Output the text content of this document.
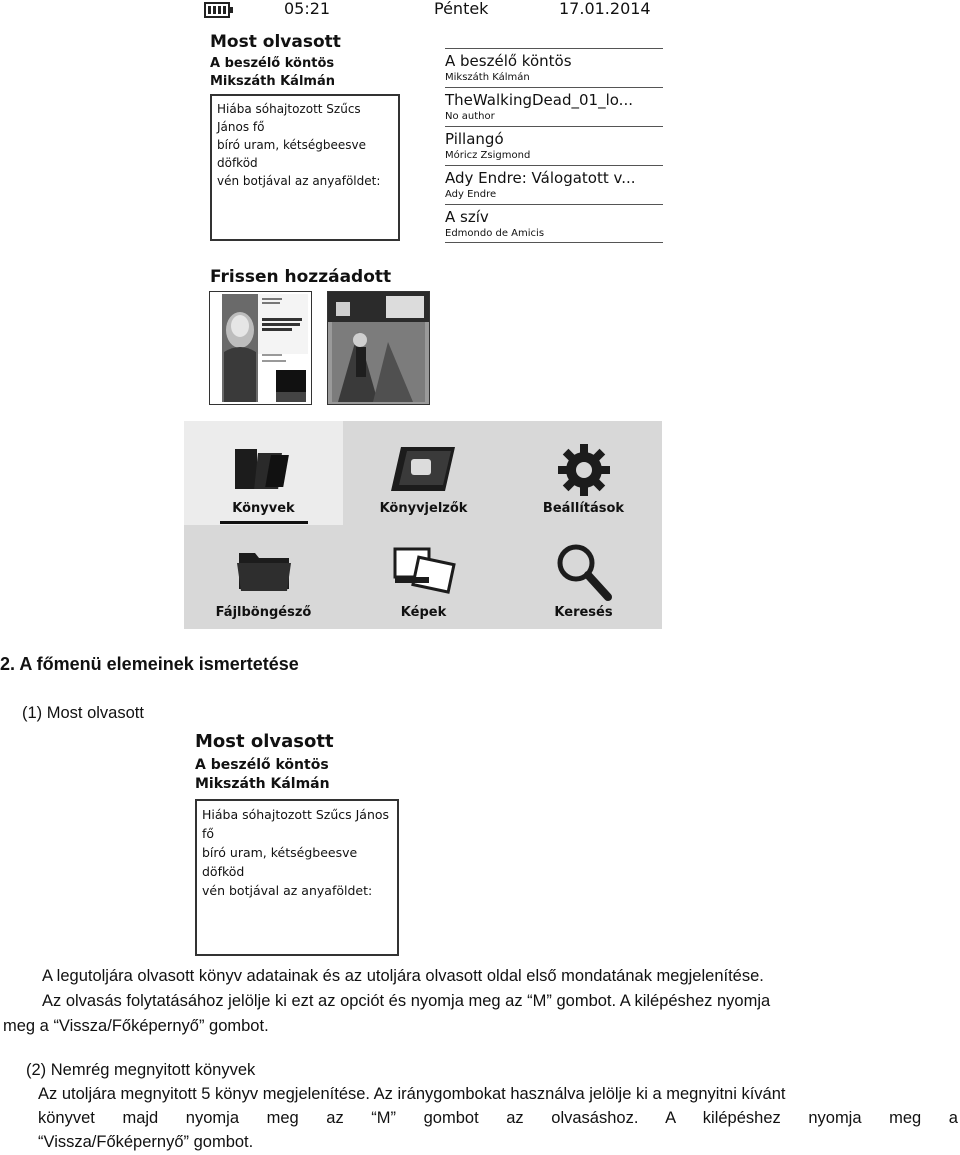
05:21	Péntek	17.01.2014
Most olvasott
A beszélő köntös
Mikszáth Kálmán
Hiába sóhajtozott Szűcs János fő
bíró uram, kétségbeesve döfköd
vén botjával az anyaföldet:
A beszélő köntös
Mikszáth Kálmán
TheWalkingDead_01_lo...
No author
Pillangó
Móricz Zsigmond
Ady Endre: Válogatott v...
Ady Endre
A szív
Edmondo de Amicis
Frissen hozzáadott
Könyvek	Könyvjelzők	Beállítások
Fájlböngésző	Képek	Keresés
2. A főmenü elemeinek ismertetése
(1) Most olvasott
Most olvasott
A beszélő köntös
Mikszáth Kálmán
Hiába sóhajtozott Szűcs János fő
bíró uram, kétségbeesve döfköd
vén botjával az anyaföldet:
A legutoljára olvasott könyv adatainak és az utoljára olvasott oldal első mondatának megjelenítése.
Az olvasás folytatásához jelölje ki ezt az opciót és nyomja meg az “M” gombot. A kilépéshez nyomja
meg a “Vissza/Főképernyő” gombot.
(2) Nemrég megnyitott könyvek
Az utoljára megnyitott 5 könyv megjelenítése. Az iránygombokat használva jelölje ki a megnyitni kívánt
könyvet majd nyomja meg az “M” gombot az olvasáshoz. A kilépéshez nyomja meg a
“Vissza/Főképernyő” gombot.
